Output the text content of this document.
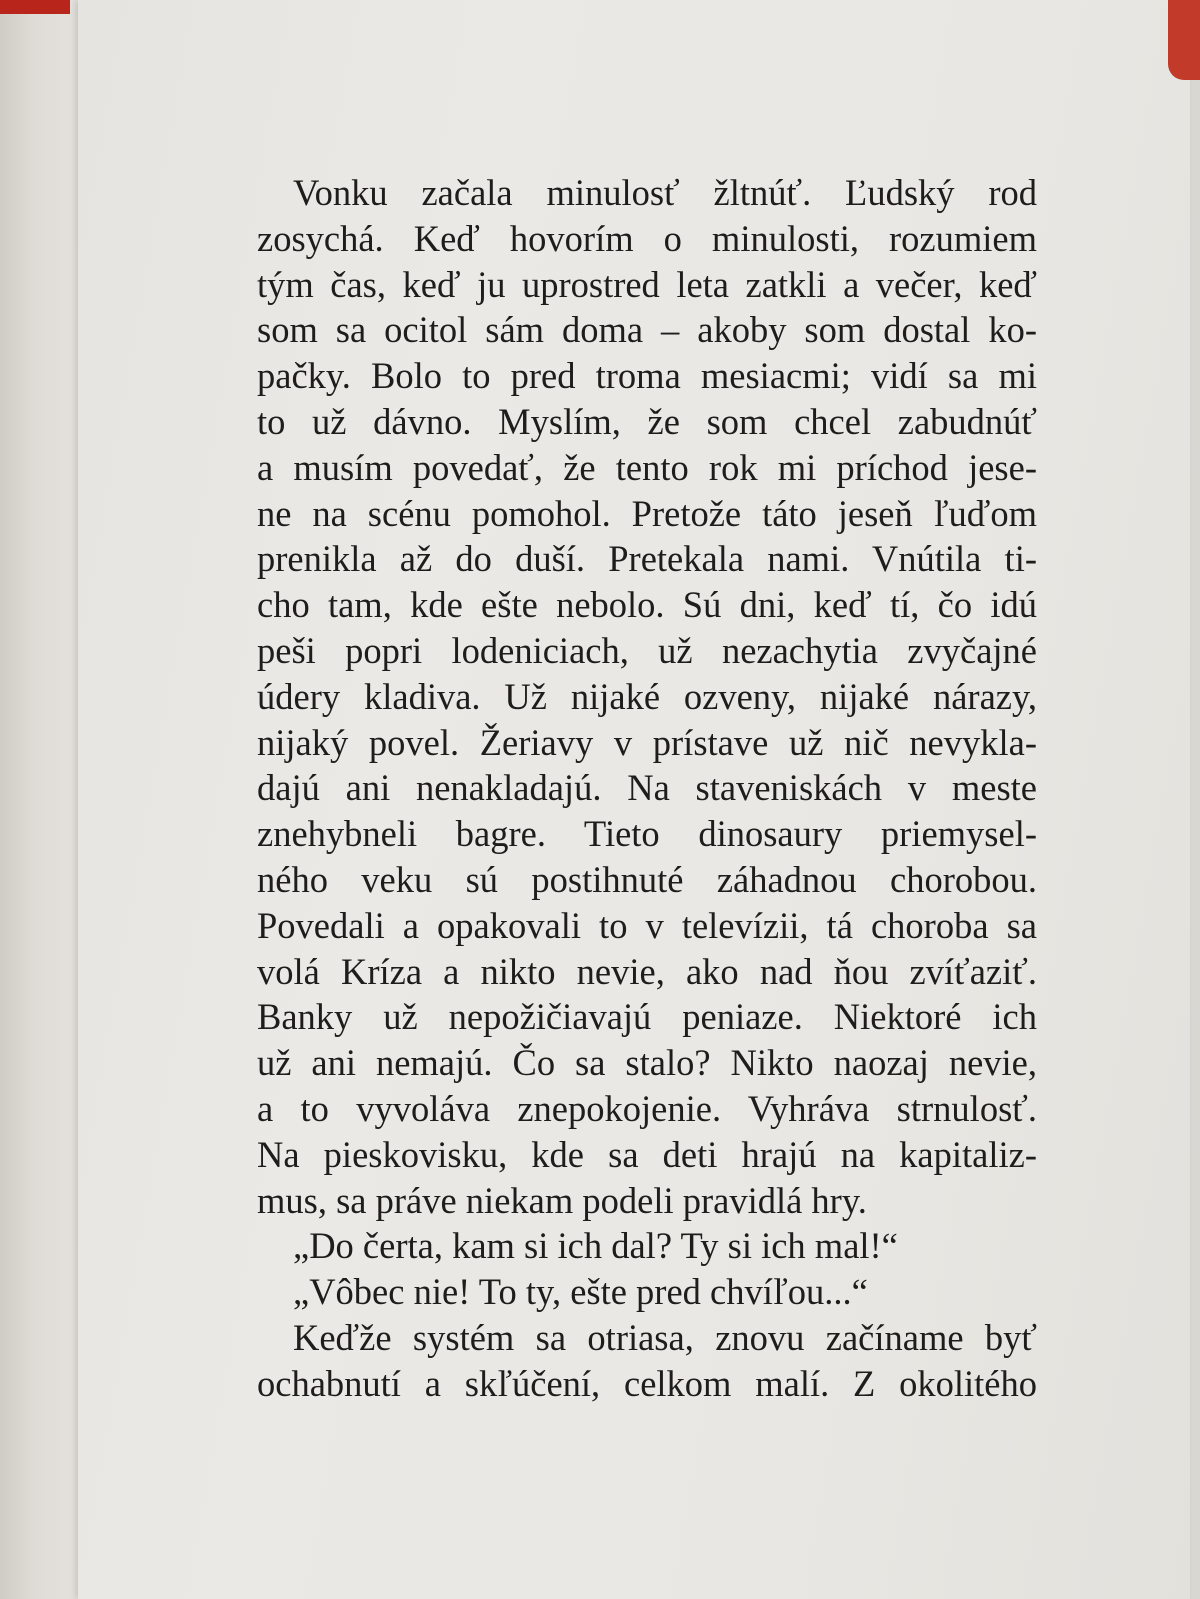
Vonku začala minulosť žltnúť. Ľudský rod
zosychá. Keď hovorím o minulosti, rozumiem
tým čas, keď ju uprostred leta zatkli a večer, keď
som sa ocitol sám doma – akoby som dostal ko-
pačky. Bolo to pred troma mesiacmi; vidí sa mi
to už dávno. Myslím, že som chcel zabudnúť
a musím povedať, že tento rok mi príchod jese-
ne na scénu pomohol. Pretože táto jeseň ľuďom
prenikla až do duší. Pretekala nami. Vnútila ti-
cho tam, kde ešte nebolo. Sú dni, keď tí, čo idú
peši popri lodeniciach, už nezachytia zvyčajné
údery kladiva. Už nijaké ozveny, nijaké nárazy,
nijaký povel. Žeriavy v prístave už nič nevykla-
dajú ani nenakladajú. Na staveniskách v meste
znehybneli bagre. Tieto dinosaury priemysel-
ného veku sú postihnuté záhadnou chorobou.
Povedali a opakovali to v televízii, tá choroba sa
volá Kríza a nikto nevie, ako nad ňou zvíťaziť.
Banky už nepožičiavajú peniaze. Niektoré ich
už ani nemajú. Čo sa stalo? Nikto naozaj nevie,
a to vyvoláva znepokojenie. Vyhráva strnulosť.
Na pieskovisku, kde sa deti hrajú na kapitaliz-
mus, sa práve niekam podeli pravidlá hry.
„Do čerta, kam si ich dal? Ty si ich mal!“
„Vôbec nie! To ty, ešte pred chvíľou...“
Keďže systém sa otriasa, znovu začíname byť
ochabnutí a skľúčení, celkom malí. Z okolitého
